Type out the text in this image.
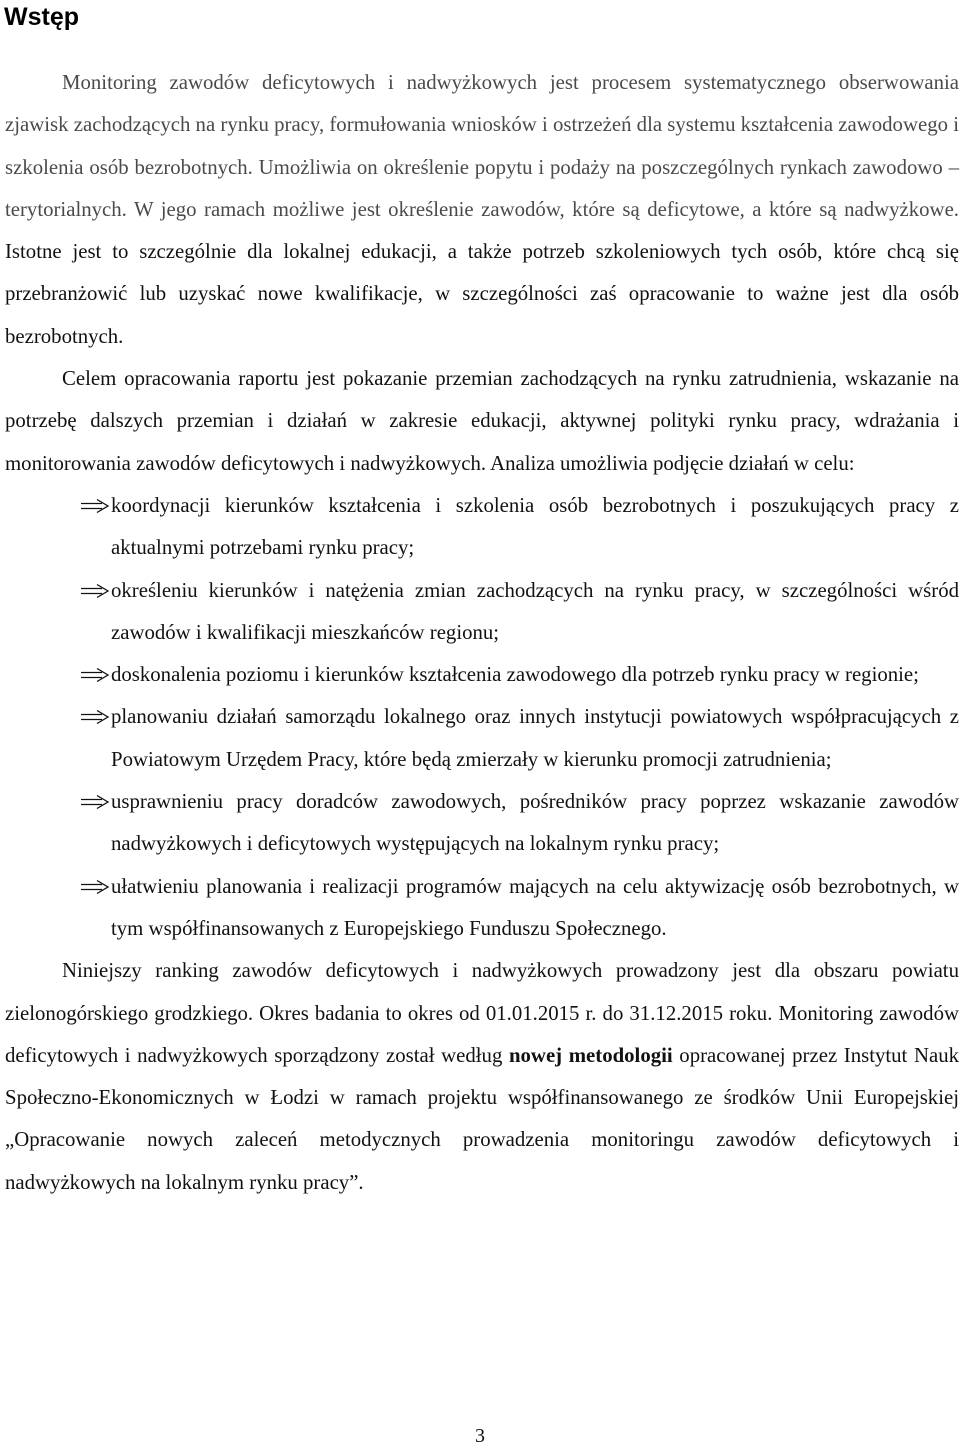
Wstęp

Monitoring zawodów deficytowych i nadwyżkowych jest procesem systematycznego obserwowania zjawisk zachodzących na rynku pracy, formułowania wniosków i ostrzeżeń dla systemu kształcenia zawodowego i szkolenia osób bezrobotnych. Umożliwia on określenie popytu i podaży na poszczególnych rynkach zawodowo – terytorialnych. W jego ramach możliwe jest określenie zawodów, które są deficytowe, a które są nadwyżkowe. Istotne jest to szczególnie dla lokalnej edukacji, a także potrzeb szkoleniowych tych osób, które chcą się przebranżowić lub uzyskać nowe kwalifikacje, w szczególności zaś opracowanie to ważne jest dla osób bezrobotnych.

Celem opracowania raportu jest pokazanie przemian zachodzących na rynku zatrudnienia, wskazanie na potrzebę dalszych przemian i działań w zakresie edukacji, aktywnej polityki rynku pracy, wdrażania i monitorowania zawodów deficytowych i nadwyżkowych. Analiza umożliwia podjęcie działań w celu:

koordynacji kierunków kształcenia i szkolenia osób bezrobotnych i poszukujących pracy z aktualnymi potrzebami rynku pracy;
określeniu kierunków i natężenia zmian zachodzących na rynku pracy, w szczególności wśród zawodów i kwalifikacji mieszkańców regionu;
doskonalenia poziomu i kierunków kształcenia zawodowego dla potrzeb rynku pracy w regionie;
planowaniu działań samorządu lokalnego oraz innych instytucji powiatowych współpracujących z Powiatowym Urzędem Pracy, które będą zmierzały w kierunku promocji zatrudnienia;
usprawnieniu pracy doradców zawodowych, pośredników pracy poprzez wskazanie zawodów nadwyżkowych i deficytowych występujących na lokalnym rynku pracy;
ułatwieniu planowania i realizacji programów mających na celu aktywizację osób bezrobotnych, w tym współfinansowanych z Europejskiego Funduszu Społecznego.

Niniejszy ranking zawodów deficytowych i nadwyżkowych prowadzony jest dla obszaru powiatu zielonogórskiego grodzkiego. Okres badania to okres od 01.01.2015 r. do 31.12.2015 roku. Monitoring zawodów deficytowych i nadwyżkowych sporządzony został według nowej metodologii opracowanej przez Instytut Nauk Społeczno-Ekonomicznych w Łodzi w ramach projektu współfinansowanego ze środków Unii Europejskiej „Opracowanie nowych zaleceń metodycznych prowadzenia monitoringu zawodów deficytowych i nadwyżkowych na lokalnym rynku pracy”.

3
